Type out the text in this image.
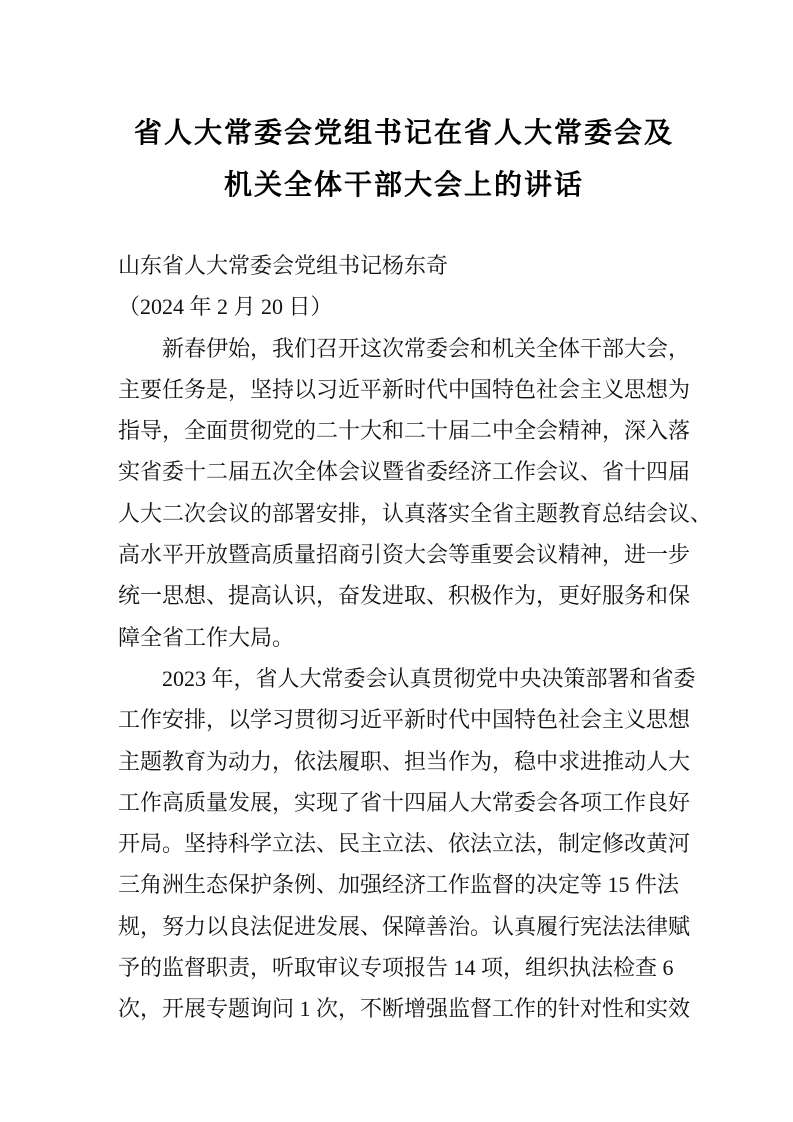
省人大常委会党组书记在省人大常委会及
机关全体干部大会上的讲话
山东省人大常委会党组书记杨东奇
（2024 年 2 月 20 日）
新春伊始，我们召开这次常委会和机关全体干部大会，
主要任务是，坚持以习近平新时代中国特色社会主义思想为
指导，全面贯彻党的二十大和二十届二中全会精神，深入落
实省委十二届五次全体会议暨省委经济工作会议、省十四届
人大二次会议的部署安排，认真落实全省主题教育总结会议、
高水平开放暨高质量招商引资大会等重要会议精神，进一步
统一思想、提高认识，奋发进取、积极作为，更好服务和保
障全省工作大局。
2023 年，省人大常委会认真贯彻党中央决策部署和省委
工作安排，以学习贯彻习近平新时代中国特色社会主义思想
主题教育为动力，依法履职、担当作为，稳中求进推动人大
工作高质量发展，实现了省十四届人大常委会各项工作良好
开局。坚持科学立法、民主立法、依法立法，制定修改黄河
三角洲生态保护条例、加强经济工作监督的决定等 15 件法
规，努力以良法促进发展、保障善治。认真履行宪法法律赋
予的监督职责，听取审议专项报告 14 项，组织执法检查 6
次，开展专题询问 1 次，不断增强监督工作的针对性和实效
